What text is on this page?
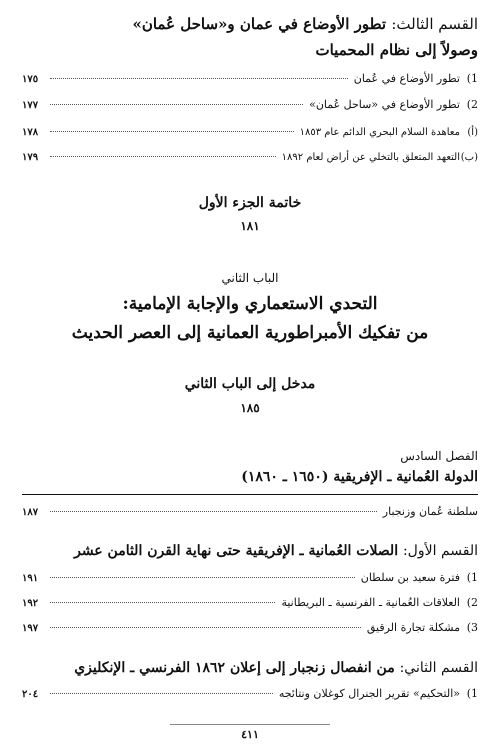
القسم الثالث: تطور الأوضاع في عمان و«ساحل عُمان»
وصولاً إلى نظام المحميات
1)
تطور الأوضاع في عُمان
١٧٥
2)
تطور الأوضاع في «ساحل عُمان»
١٧٧
(أ)
معاهدة السلام البحري الدائم عام ١٨٥٣
١٧٨
(ب)
التعهد المتعلق بالتخلي عن أراض لعام ١٨٩٢
١٧٩
خاتمة الجزء الأول
١٨١
الباب الثاني
التحدي الاستعماري والإجابة الإمامية:
من تفكيك الأمبراطورية العمانية إلى العصر الحديث
مدخل إلى الباب الثاني
١٨٥
الفصل السادس
الدولة العُمانية ـ الإفريقية (١٦٥٠ ـ ١٨٦٠)
سلطنة عُمان وزنجبار
١٨٧
القسم الأول: الصلات العُمانية ـ الإفريقية حتى نهاية القرن الثامن عشر
1)
فترة سعيد بن سلطان
١٩١
2)
العلاقات العُمانية ـ الفرنسية ـ البريطانية
١٩٢
3)
مشكلة تجارة الرقيق
١٩٧
القسم الثاني: من انفصال زنجبار إلى إعلان ١٨٦٢ الفرنسي ـ الإنكليزي
1)
«التحكيم» تقرير الجنرال كوغلان ونتائجه
٢٠٤
٤١١
